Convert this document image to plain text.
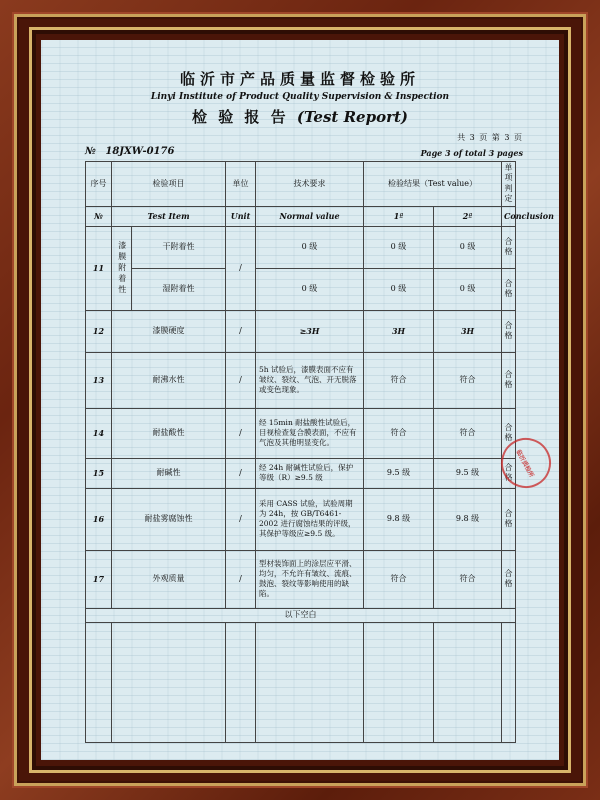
临沂市产品质量监督检验所
Linyi Institute of Product Quality Supervision & Inspection
检 验 报 告 (Test Report)
共 3 页 第 3 页
№ 18JXW-0176	Page 3 of total 3 pages
序号	检验项目		单位	技术要求	检验结果（Test value）		单项判定
№	Test Item		Unit	Normal value	1ª	2ª	Conclusion
11	漆膜附着性	干附着性	/	0 级	0 级	0 级	合格
		湿附着性		0 级	0 级	0 级	合格
12	漆膜硬度		/	≥3H	3H	3H	合格
13	耐沸水性		/	5h 试验后，漆膜表面不应有皱纹、裂纹、气泡、开无脱落或变色现象。	符合	符合	合格
14	耐盐酸性		/	经 15min 耐盐酸性试验后，目视检查复合膜表面，不应有气泡及其他明显变化。	符合	符合	合格
15	耐碱性		/	经 24h 耐碱性试验后，保护等级（R）≥9.5 级	9.5 级	9.5 级	合格
16	耐盐雾腐蚀性		/	采用 CASS 试验，试验周期为 24h，按 GB/T6461-2002 进行腐蚀结果的评级，其保护等级应≥9.5 级。	9.8 级	9.8 级	合格
17	外观质量		/	型材装饰面上的涂层应平滑、均匀，不允许有皱纹、流痕、鼓泡、裂纹等影响使用的缺陷。	符合	符合	合格
以下空白							

临沂质检所
